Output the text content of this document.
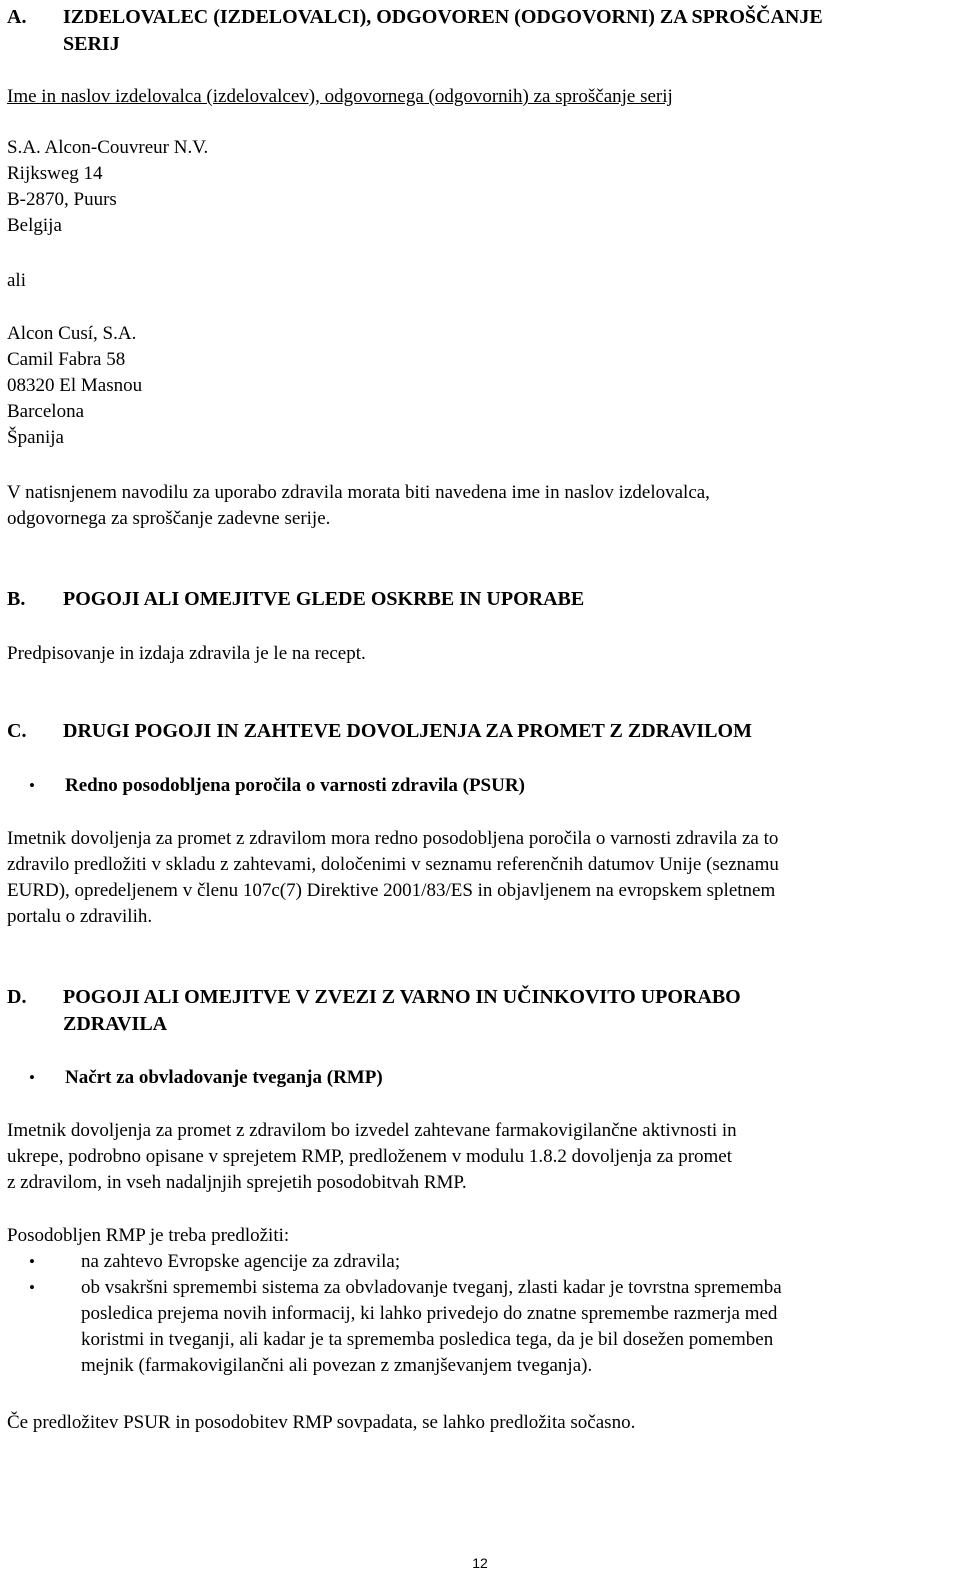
A. IZDELOVALEC (IZDELOVALCI), ODGOVOREN (ODGOVORNI) ZA SPROŠČANJE
SERIJ
Ime in naslov izdelovalca (izdelovalcev), odgovornega (odgovornih) za sproščanje serij
S.A. Alcon-Couvreur N.V.
Rijksweg 14
B-2870, Puurs
Belgija
ali
Alcon Cusí, S.A.
Camil Fabra 58
08320 El Masnou
Barcelona
Španija
V natisnjenem navodilu za uporabo zdravila morata biti navedena ime in naslov izdelovalca,
odgovornega za sproščanje zadevne serije.
B. POGOJI ALI OMEJITVE GLEDE OSKRBE IN UPORABE
Predpisovanje in izdaja zdravila je le na recept.
C. DRUGI POGOJI IN ZAHTEVE DOVOLJENJA ZA PROMET Z ZDRAVILOM
• Redno posodobljena poročila o varnosti zdravila (PSUR)
Imetnik dovoljenja za promet z zdravilom mora redno posodobljena poročila o varnosti zdravila za to
zdravilo predložiti v skladu z zahtevami, določenimi v seznamu referenčnih datumov Unije (seznamu
EURD), opredeljenem v členu 107c(7) Direktive 2001/83/ES in objavljenem na evropskem spletnem
portalu o zdravilih.
D. POGOJI ALI OMEJITVE V ZVEZI Z VARNO IN UČINKOVITO UPORABO
ZDRAVILA
• Načrt za obvladovanje tveganja (RMP)
Imetnik dovoljenja za promet z zdravilom bo izvedel zahtevane farmakovigilančne aktivnosti in
ukrepe, podrobno opisane v sprejetem RMP, predloženem v modulu 1.8.2 dovoljenja za promet
z zdravilom, in vseh nadaljnjih sprejetih posodobitvah RMP.
Posodobljen RMP je treba predložiti:
• na zahtevo Evropske agencije za zdravila;
• ob vsakršni spremembi sistema za obvladovanje tveganj, zlasti kadar je tovrstna sprememba
posledica prejema novih informacij, ki lahko privedejo do znatne spremembe razmerja med
koristmi in tveganji, ali kadar je ta sprememba posledica tega, da je bil dosežen pomemben
mejnik (farmakovigilančni ali povezan z zmanjševanjem tveganja).
Če predložitev PSUR in posodobitev RMP sovpadata, se lahko predložita sočasno.
12
